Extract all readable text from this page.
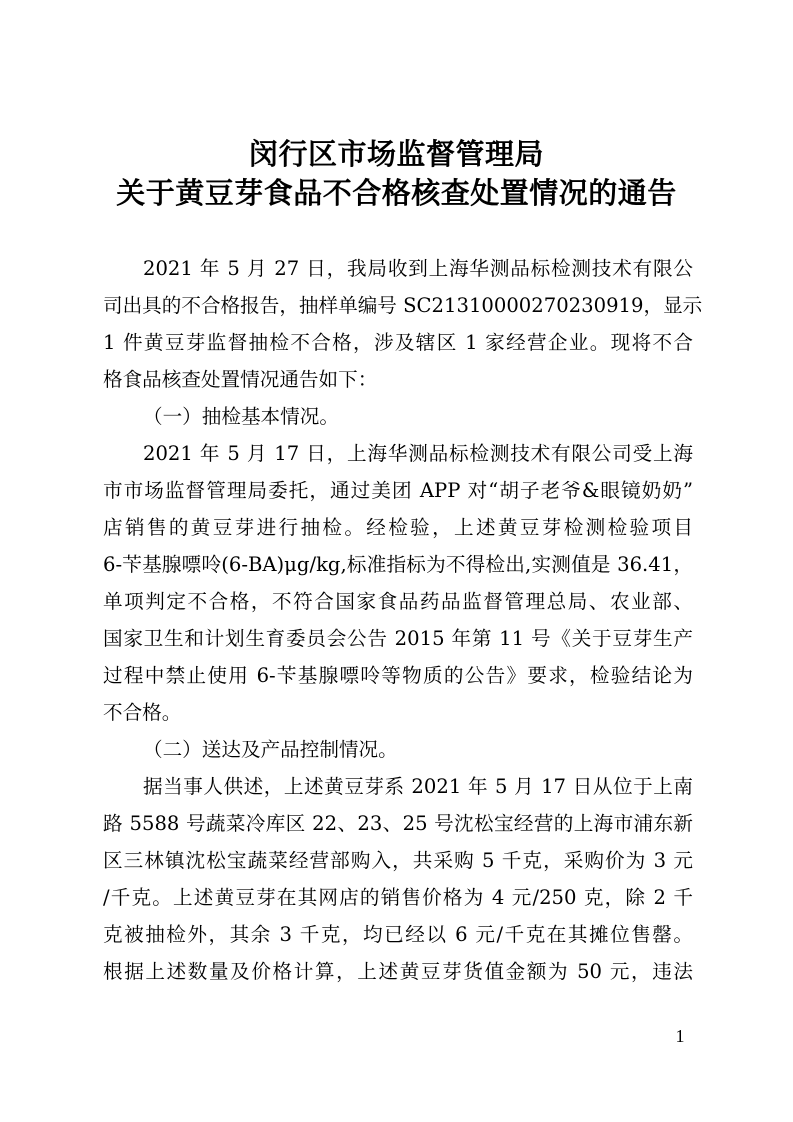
闵行区市场监督管理局
关于黄豆芽食品不合格核查处置情况的通告
2021 年 5 月 27 日，我局收到上海华测品标检测技术有限公
司出具的不合格报告，抽样单编号 SC21310000270230919，显示
1 件黄豆芽监督抽检不合格，涉及辖区 1 家经营企业。现将不合
格食品核查处置情况通告如下：
（一）抽检基本情况。
2021 年 5 月 17 日，上海华测品标检测技术有限公司受上海
市市场监督管理局委托，通过美团 APP 对“胡子老爷&眼镜奶奶”
店销售的黄豆芽进行抽检。经检验，上述黄豆芽检测检验项目
6-苄基腺嘌呤(6-BA)μg/kg,标准指标为不得检出,实测值是 36.41，
单项判定不合格，不符合国家食品药品监督管理总局、农业部、
国家卫生和计划生育委员会公告 2015 年第 11 号《关于豆芽生产
过程中禁止使用 6-苄基腺嘌呤等物质的公告》要求，检验结论为
不合格。
（二）送达及产品控制情况。
据当事人供述，上述黄豆芽系 2021 年 5 月 17 日从位于上南
路 5588 号蔬菜冷库区 22、23、25 号沈松宝经营的上海市浦东新
区三林镇沈松宝蔬菜经营部购入，共采购 5 千克，采购价为 3 元
/千克。上述黄豆芽在其网店的销售价格为 4 元/250 克，除 2 千
克被抽检外，其余 3 千克，均已经以 6 元/千克在其摊位售罄。
根据上述数量及价格计算，上述黄豆芽货值金额为 50 元，违法
1
